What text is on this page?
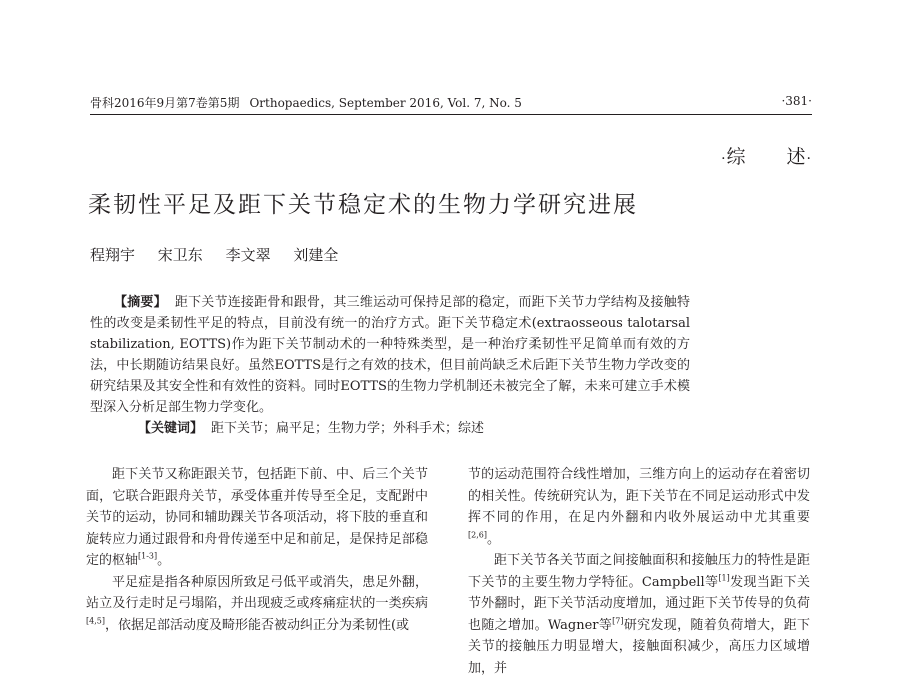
骨科2016年9月第7卷第5期 Orthopaedics, September 2016, Vol. 7, No. 5	·381·
·综 述·
柔韧性平足及距下关节稳定术的生物力学研究进展
程翔宇 宋卫东 李文翠 刘建全

【摘要】 距下关节连接距骨和跟骨，其三维运动可保持足部的稳定，而距下关节力学结构及接触特性的改变是柔韧性平足的特点，目前没有统一的治疗方式。距下关节稳定术(extraosseous talotarsal stabilization, EOTTS)作为距下关节制动术的一种特殊类型，是一种治疗柔韧性平足简单而有效的方法，中长期随访结果良好。虽然EOTTS是行之有效的技术，但目前尚缺乏术后距下关节生物力学改变的研究结果及其安全性和有效性的资料。同时EOTTS的生物力学机制还未被完全了解，未来可建立手术模型深入分析足部生物力学变化。

【关键词】 距下关节；扁平足；生物力学；外科手术；综述

距下关节又称距跟关节，包括距下前、中、后三个关节面，它联合距跟舟关节，承受体重并传导至全足，支配跗中关节的运动，协同和辅助踝关节各项活动，将下肢的垂直和旋转应力通过跟骨和舟骨传递至中足和前足，是保持足部稳定的枢轴[1-3]。

平足症是指各种原因所致足弓低平或消失，患足外翻，站立及行走时足弓塌陷，并出现疲乏或疼痛症状的一类疾病[4,5]，依据足部活动度及畸形能否被动纠正分为柔韧性(或

节的运动范围符合线性增加，三维方向上的运动存在着密切的相关性。传统研究认为，距下关节在不同足运动形式中发挥不同的作用，在足内外翻和内收外展运动中尤其重要[2,6]。

距下关节各关节面之间接触面积和接触压力的特性是距下关节的主要生物力学特征。Campbell等[1]发现当距下关节外翻时，距下关节活动度增加，通过距下关节传导的负荷也随之增加。Wagner等[7]研究发现，随着负荷增大，距下关节的接触压力明显增大，接触面积减少，高压力区域增加，并
